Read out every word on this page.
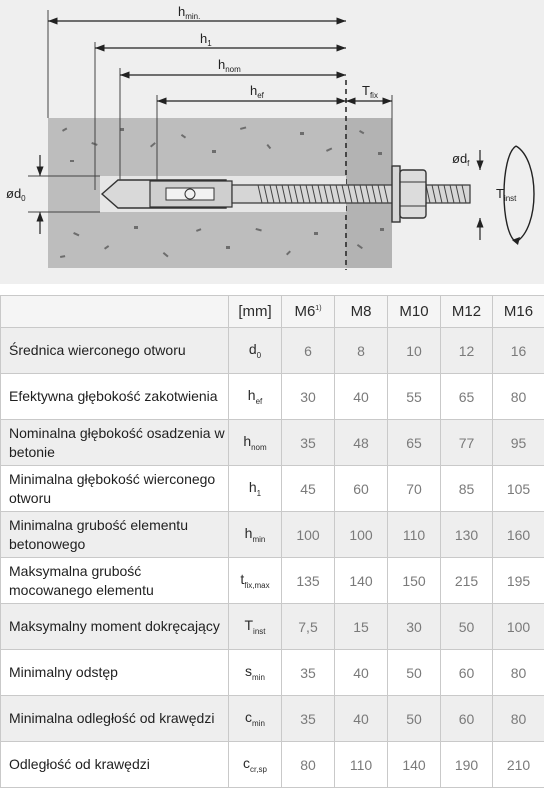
$h_{min.}$
$h_1$
$h_{nom}$
$h_{ef}$	$T_{fix}$
$ød_0$
$ød_f$
$T_{inst}$
	[mm]	M6$^{1)}$	M8	M10	M12	M16
Średnica wierconego otworu	$d_0$	6	8	10	12	16
Efektywna głębokość zakotwienia	$h_{ef}$	30	40	55	65	80
Nominalna głębokość osadzenia w betonie	$h_{nom}$	35	48	65	77	95
Minimalna głębokość wierconego otworu	$h_1$	45	60	70	85	105
Minimalna grubość elementu betonowego	$h_{min}$	100	100	110	130	160
Maksymalna grubość mocowanego elementu	$t_{fix,max}$	135	140	150	215	195
Maksymalny moment dokręcający	$T_{inst}$	7,5	15	30	50	100
Minimalny odstęp	$s_{min}$	35	40	50	60	80
Minimalna odległość od krawędzi	$c_{min}$	35	40	50	60	80
Odległość od krawędzi	$c_{cr,sp}$	80	110	140	190	210
